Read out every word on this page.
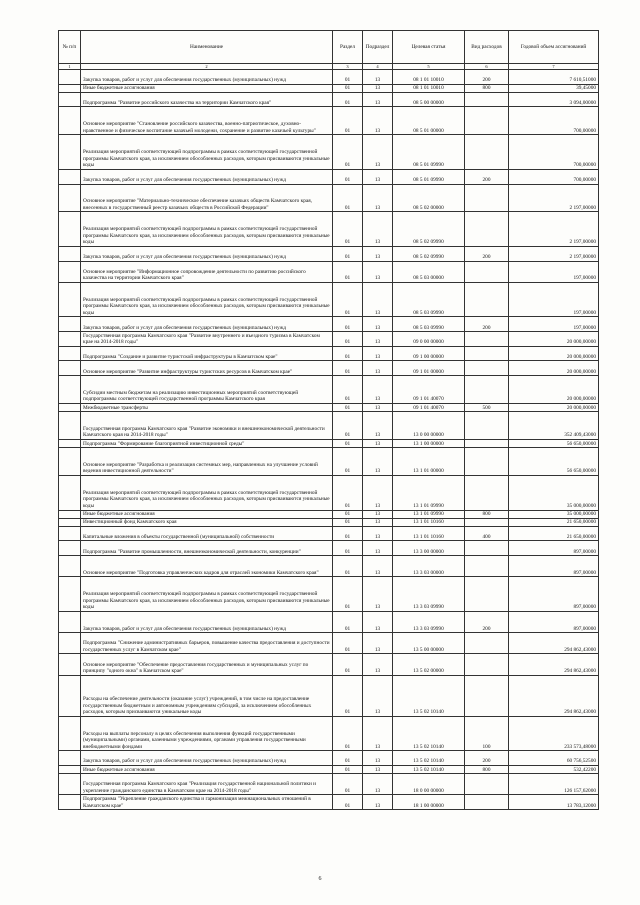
№ п/п	Наименование	Раздел	Подраздел	Целевая статья	Вид расходов	Годовой объем ассигнований
1	2	3	4	5	6	7
	Закупка товаров, работ и услуг для обеспечения государственных (муниципальных) нужд	01	13	08 1 01 10010	200	7 610,51000
	Иные бюджетные ассигнования	01	13	08 1 01 10010	800	39,45000
	Подпрограмма "Развитие российского казачества на территории Камчатского края"	01	13	08 5 00 00000		3 094,00000
	Основное мероприятие "Становление российского казачества, военно-патриотическое, духовно-нравственное и физическое воспитание казачьей молодежи, сохранение и развитие казачьей культуры"	01	13	08 5 01 00000		700,00000
	Реализация мероприятий соответствующей подпрограммы в рамках соответствующей государственной программы Камчатского края, за исключением обособленных расходов, которым присваиваются уникальные коды	01	13	08 5 01 09990		700,00000
	Закупка товаров, работ и услуг для обеспечения государственных (муниципальных) нужд	01	13	08 5 01 09990	200	700,00000
	Основное мероприятие "Материально-техническое обеспечение казачьих обществ Камчатского края, внесенных в государственный реестр казачьих обществ в Российской Федерации"	01	13	08 5 02 00000		2 197,00000
	Реализация мероприятий соответствующей подпрограммы в рамках соответствующей государственной программы Камчатского края, за исключением обособленных расходов, которым присваиваются уникальные коды	01	13	08 5 02 09990		2 197,00000
	Закупка товаров, работ и услуг для обеспечения государственных (муниципальных) нужд	01	13	08 5 02 09990	200	2 197,00000
	Основное мероприятие "Информационное сопровождение деятельности по развитию российского казачества на территории Камчатского края"	01	13	08 5 03 00000		197,00000
	Реализация мероприятий соответствующей подпрограммы в рамках соответствующей государственной программы Камчатского края, за исключением обособленных расходов, которым присваиваются уникальные коды	01	13	08 5 03 09990		197,00000
	Закупка товаров, работ и услуг для обеспечения государственных (муниципальных) нужд	01	13	08 5 03 09990	200	197,00000
	Государственная программа Камчатского края "Развитие внутреннего и въездного туризма в Камчатском крае на 2014-2018 годы"	01	13	09 0 00 00000		20 000,00000
	Подпрограмма "Создание и развитие туристской инфраструктуры в Камчатском крае"	01	13	09 1 00 00000		20 000,00000
	Основное мероприятие "Развитие инфраструктуры туристских ресурсов в Камчатском крае"	01	13	09 1 01 00000		20 000,00000
	Субсидии местным бюджетам на реализацию инвестиционных мероприятий соответствующей подпрограммы соответствующей государственной программы Камчатского края	01	13	09 1 01 40070		20 000,00000
	Межбюджетные трансферты	01	13	09 1 01 40070	500	20 000,00000
	Государственная программа Камчатского края "Развитие экономики и внешнеэкономической деятельности Камчатского края на 2014-2018 годы"	01	13	13 0 00 00000		352 409,43000
	Подпрограмма "Формирование благоприятной инвестиционной среды"	01	13	13 1 00 00000		56 650,00000
	Основное мероприятие "Разработка и реализация системных мер, направленных на улучшение условий ведения инвестиционной деятельности"	01	13	13 1 01 00000		56 650,00000
	Реализация мероприятий соответствующей подпрограммы в рамках соответствующей государственной программы Камчатского края, за исключением обособленных расходов, которым присваиваются уникальные коды	01	13	13 1 01 09990		35 000,00000
	Иные бюджетные ассигнования	01	13	13 1 01 09990	800	35 000,00000
	Инвестиционный фонд Камчатского края	01	13	13 1 01 10160		21 650,00000
	Капитальные вложения в объекты государственной (муниципальной) собственности	01	13	13 1 01 10160	400	21 650,00000
	Подпрограмма "Развитие промышленности, внешнеэкономической деятельности, конкуренции"	01	13	13 3 00 00000		897,00000
	Основное мероприятие "Подготовка управленческих кадров для отраслей экономики Камчатского края"	01	13	13 3 03 00000		897,00000
	Реализация мероприятий соответствующей подпрограммы в рамках соответствующей государственной программы Камчатского края, за исключением обособленных расходов, которым присваиваются уникальные коды	01	13	13 3 03 09990		897,00000
	Закупка товаров, работ и услуг для обеспечения государственных (муниципальных) нужд	01	13	13 3 03 09990	200	897,00000
	Подпрограмма "Снижение административных барьеров, повышение качества предоставления и доступности государственных услуг в Камчатском крае"	01	13	13 5 00 00000		294 862,43000
	Основное мероприятие "Обеспечение предоставления государственных и муниципальных услуг по принципу "одного окна" в Камчатском крае"	01	13	13 5 02 00000		294 862,43000
	Расходы на обеспечение деятельности (оказание услуг) учреждений, в том числе на предоставление государственным бюджетным и автономным учреждениям субсидий, за исключением обособленных расходов, которым присваиваются уникальные коды	01	13	13 5 02 10140		294 862,43000
	Расходы на выплаты персоналу в целях обеспечения выполнения функций государственными (муниципальными) органами, казенными учреждениями, органами управления государственными внебюджетными фондами	01	13	13 5 02 10140	100	233 573,48000
	Закупка товаров, работ и услуг для обеспечения государственных (муниципальных) нужд	01	13	13 5 02 10140	200	60 756,52500
	Иные бюджетные ассигнования	01	13	13 5 02 10140	800	532,42200
	Государственная программа Камчатского края "Реализация государственной национальной политики и укрепление гражданского единства в Камчатском крае на 2014-2018 годы"	01	13	18 0 00 00000		126 157,62000
	Подпрограмма "Укрепление гражданского единства и гармонизация межнациональных отношений в Камчатском крае"	01	13	18 1 00 00000		13 783,12000
6
